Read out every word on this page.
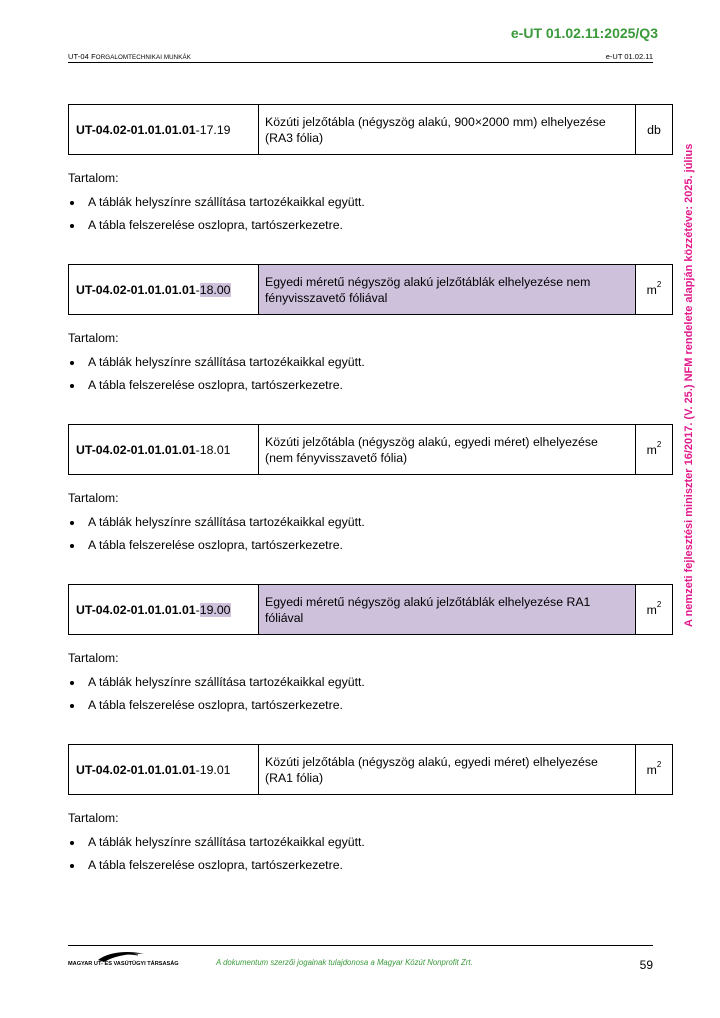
e-UT 01.02.11:2025/Q3
UT-04 FORGALOMTECHNIKAI MUNKÁK	e-UT 01.02.11
A nemzeti fejlesztési miniszter 16/2017. (V. 25.) NFM rendelete alapján közzétéve: 2025. július
UT-04.02-01.01.01.01-17.19	Közúti jelzőtábla (négyszög alakú, 900×2000 mm) elhelyezése (RA3 fólia)	db
Tartalom:
A táblák helyszínre szállítása tartozékaikkal együtt.
A tábla felszerelése oszlopra, tartószerkezetre.
UT-04.02-01.01.01.01-18.00	Egyedi méretű négyszög alakú jelzőtáblák elhelyezése nem fényvisszavető fóliával	$m^2$
Tartalom:
A táblák helyszínre szállítása tartozékaikkal együtt.
A tábla felszerelése oszlopra, tartószerkezetre.
UT-04.02-01.01.01.01-18.01	Közúti jelzőtábla (négyszög alakú, egyedi méret) elhelyezése (nem fényvisszavető fólia)	$m^2$
Tartalom:
A táblák helyszínre szállítása tartozékaikkal együtt.
A tábla felszerelése oszlopra, tartószerkezetre.
UT-04.02-01.01.01.01-19.00	Egyedi méretű négyszög alakú jelzőtáblák elhelyezése RA1 fóliával	$m^2$
Tartalom:
A táblák helyszínre szállítása tartozékaikkal együtt.
A tábla felszerelése oszlopra, tartószerkezetre.
UT-04.02-01.01.01.01-19.01	Közúti jelzőtábla (négyszög alakú, egyedi méret) elhelyezése (RA1 fólia)	$m^2$
Tartalom:
A táblák helyszínre szállítása tartozékaikkal együtt.
A tábla felszerelése oszlopra, tartószerkezetre.
MAGYAR UT- ÉS VASÚTÜGYI TÁRSASÁG	A dokumentum szerzői jogainak tulajdonosa a Magyar Közút Nonprofit Zrt.	59
